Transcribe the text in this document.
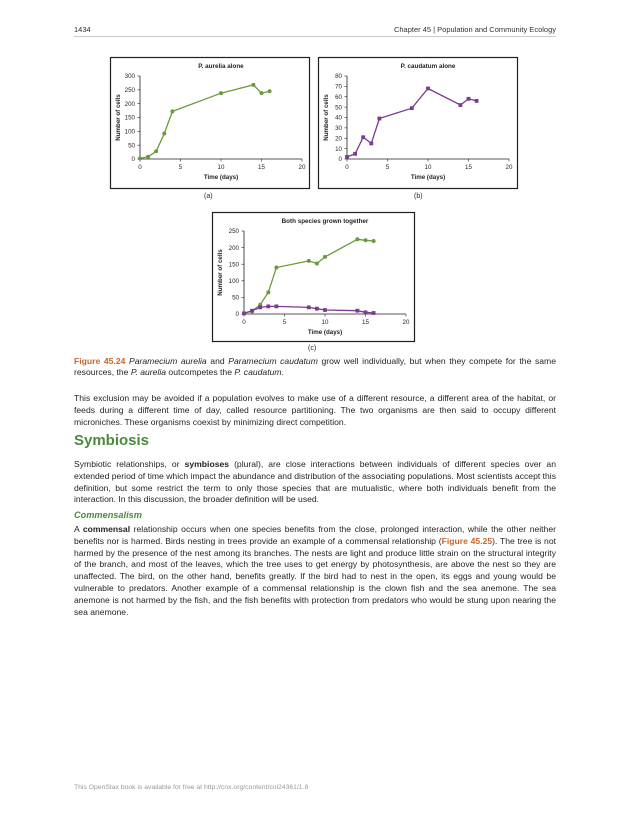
1434	Chapter 45 | Population and Community Ecology
P. aurelia alone
0	5	10	15	20
0
50
100
150
200
250
300
Time (days)
Number of cells
(a)
P. caudatum alone
0	5	10	15	20
0
10
20
30
40
50
60
70
80
Time (days)
Number of cells
(b)
Both species grown together
0	5	10	15	20
0
50
100
150
200
250
Time (days)
Number of cells
(c)
Figure 45.24 Paramecium aurelia and Paramecium caudatum grow well individually, but when they compete for the same resources, the P. aurelia outcompetes the P. caudatum.

This exclusion may be avoided if a population evolves to make use of a different resource, a different area of the habitat, or feeds during a different time of day, called resource partitioning. The two organisms are then said to occupy different microniches. These organisms coexist by minimizing direct competition.

Symbiosis

Symbiotic relationships, or symbioses (plural), are close interactions between individuals of different species over an extended period of time which impact the abundance and distribution of the associating populations. Most scientists accept this definition, but some restrict the term to only those species that are mutualistic, where both individuals benefit from the interaction. In this discussion, the broader definition will be used.

Commensalism

A commensal relationship occurs when one species benefits from the close, prolonged interaction, while the other neither benefits nor is harmed. Birds nesting in trees provide an example of a commensal relationship (Figure 45.25). The tree is not harmed by the presence of the nest among its branches. The nests are light and produce little strain on the structural integrity of the branch, and most of the leaves, which the tree uses to get energy by photosynthesis, are above the nest so they are unaffected. The bird, on the other hand, benefits greatly. If the bird had to nest in the open, its eggs and young would be vulnerable to predators. Another example of a commensal relationship is the clown fish and the sea anemone. The sea anemone is not harmed by the fish, and the fish benefits with protection from predators who would be stung upon nearing the sea anemone.

This OpenStax book is available for free at http://cnx.org/content/col24361/1.8
